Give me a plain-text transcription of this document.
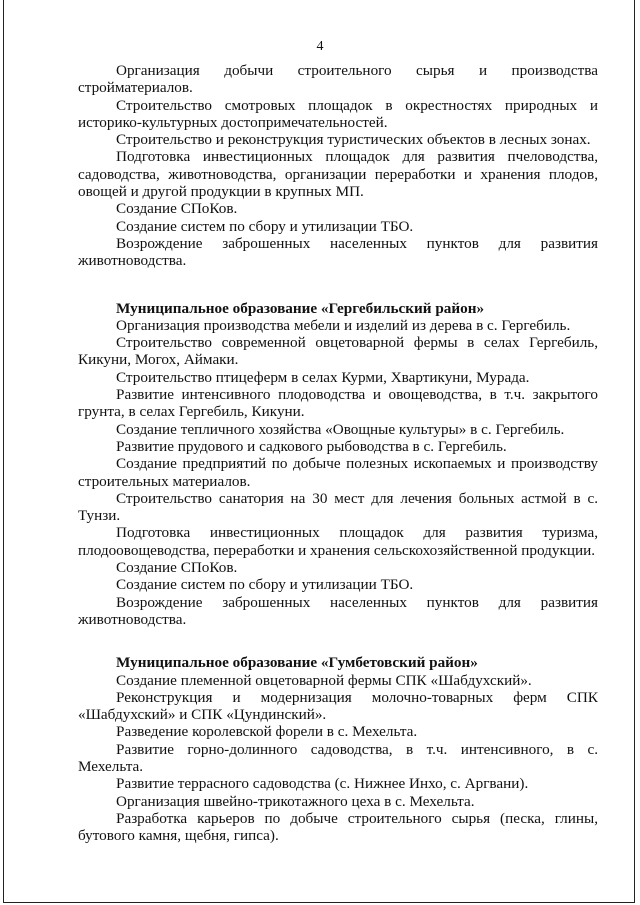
4

Организация добычи строительного сырья и производства стройматериалов.

Строительство смотровых площадок в окрестностях природных и историко-культурных достопримечательностей.

Строительство и реконструкция туристических объектов в лесных зонах.

Подготовка инвестиционных площадок для развития пчеловодства, садоводства, животноводства, организации переработки и хранения плодов, овощей и другой продукции в крупных МП.

Создание СПоКов.

Создание систем по сбору и утилизации ТБО.

Возрождение заброшенных населенных пунктов для развития животноводства.

Муниципальное образование «Гергебильский район»

Организация производства мебели и изделий из дерева в с. Гергебиль.

Строительство современной овцетоварной фермы в селах Гергебиль, Кикуни, Могох, Аймаки.

Строительство птицеферм в селах Курми, Хвартикуни, Мурада.

Развитие интенсивного плодоводства и овощеводства, в т.ч. закрытого грунта, в селах Гергебиль, Кикуни.

Создание тепличного хозяйства «Овощные культуры» в с. Гергебиль.

Развитие прудового и садкового рыбоводства в с. Гергебиль.

Создание предприятий по добыче полезных ископаемых и производству строительных материалов.

Строительство санатория на 30 мест для лечения больных астмой в с. Тунзи.

Подготовка инвестиционных площадок для развития туризма, плодоовощеводства, переработки и хранения сельскохозяйственной продукции.

Создание СПоКов.

Создание систем по сбору и утилизации ТБО.

Возрождение заброшенных населенных пунктов для развития животноводства.

Муниципальное образование «Гумбетовский район»

Создание племенной овцетоварной фермы СПК «Шабдухский».

Реконструкция и модернизация молочно-товарных ферм СПК «Шабдухский» и СПК «Цундинский».

Разведение королевской форели в с. Мехельта.

Развитие горно-долинного садоводства, в т.ч. интенсивного, в с. Мехельта.

Развитие террасного садоводства (с. Нижнее Инхо, с. Аргвани).

Организация швейно-трикотажного цеха в с. Мехельта.

Разработка карьеров по добыче строительного сырья (песка, глины, бутового камня, щебня, гипса).
